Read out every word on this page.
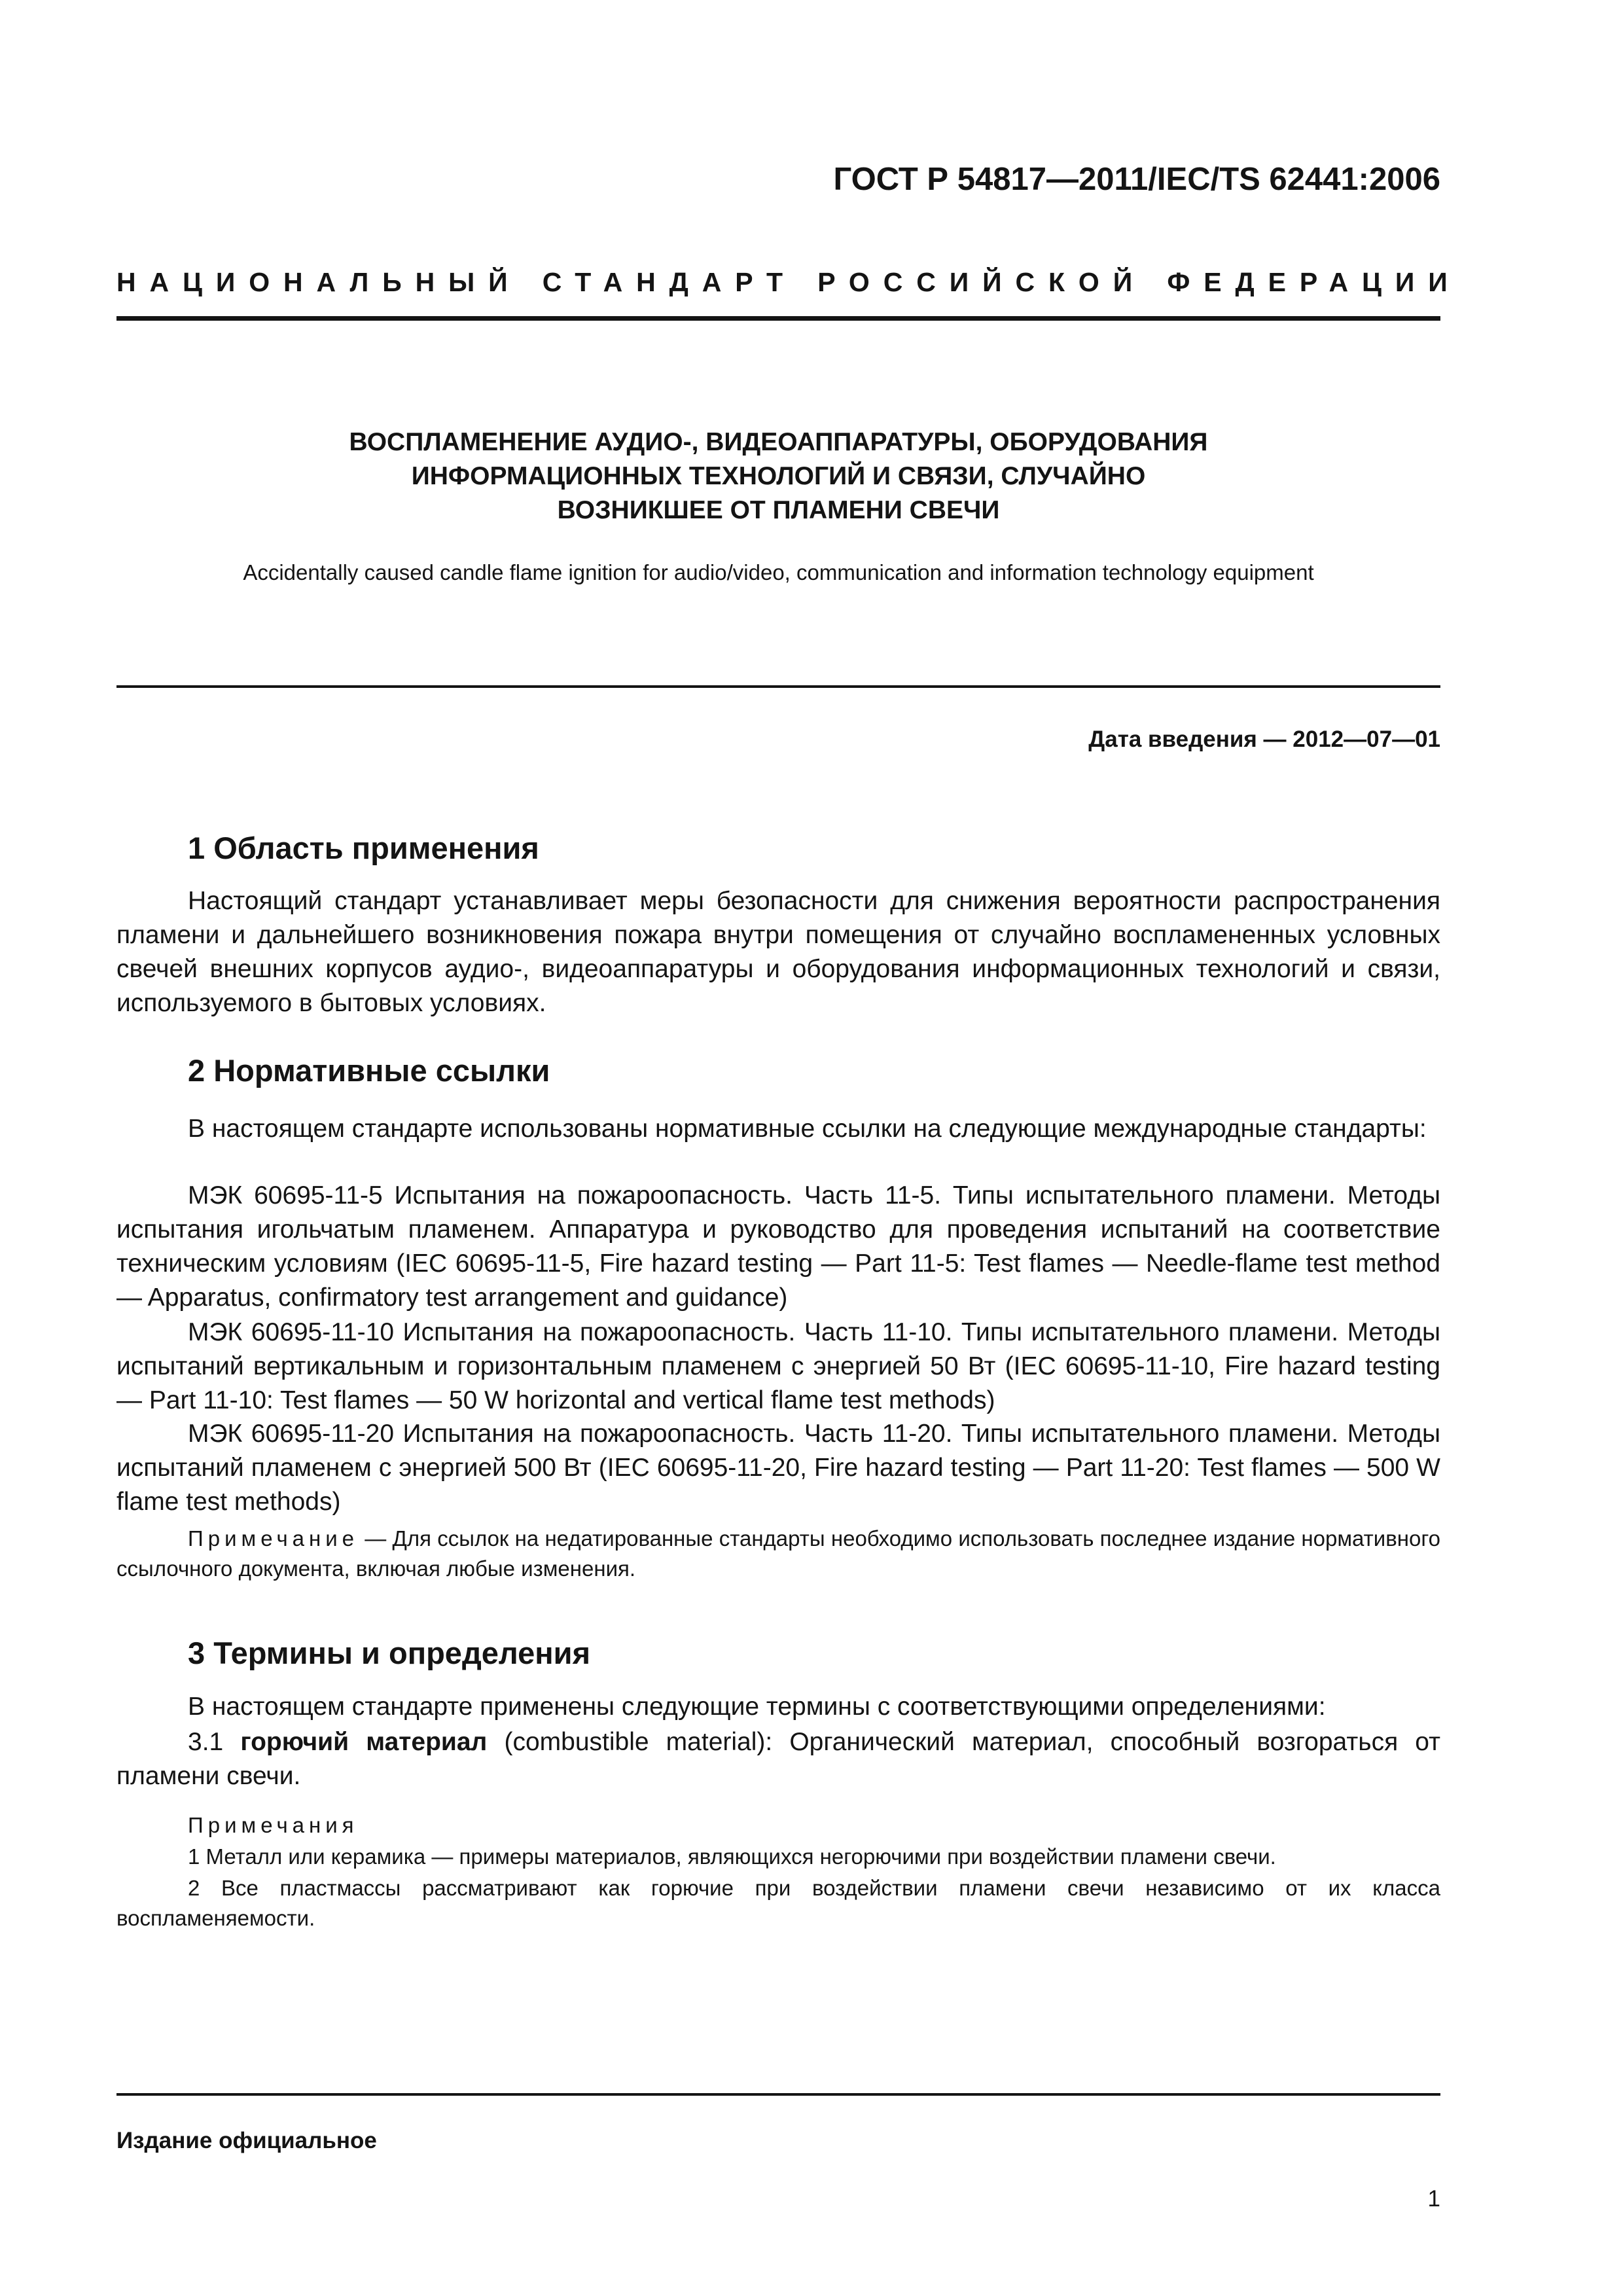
ГОСТ Р 54817—2011/IEC/TS 62441:2006
НАЦИОНАЛЬНЫЙ СТАНДАРТ РОССИЙСКОЙ ФЕДЕРАЦИИ
ВОСПЛАМЕНЕНИЕ АУДИО-, ВИДЕОАППАРАТУРЫ, ОБОРУДОВАНИЯ
ИНФОРМАЦИОННЫХ ТЕХНОЛОГИЙ И СВЯЗИ, СЛУЧАЙНО
ВОЗНИКШЕЕ ОТ ПЛАМЕНИ СВЕЧИ
Accidentally caused candle flame ignition for audio/video, communication and information technology equipment
Дата введения — 2012—07—01
1 Область применения
Настоящий стандарт устанавливает меры безопасности для снижения вероятности распространения пламени и дальнейшего возникновения пожара внутри помещения от случайно воспламененных условных свечей внешних корпусов аудио-, видеоаппаратуры и оборудования информационных технологий и связи, используемого в бытовых условиях.
2 Нормативные ссылки
В настоящем стандарте использованы нормативные ссылки на следующие международные стандарты:
МЭК 60695-11-5 Испытания на пожароопасность. Часть 11-5. Типы испытательного пламени. Методы испытания игольчатым пламенем. Аппаратура и руководство для проведения испытаний на соответствие техническим условиям (IEC 60695-11-5, Fire hazard testing — Part 11-5: Test flames — Needle-flame test method — Apparatus, confirmatory test arrangement and guidance)
МЭК 60695-11-10 Испытания на пожароопасность. Часть 11-10. Типы испытательного пламени. Методы испытаний вертикальным и горизонтальным пламенем с энергией 50 Вт (IEC 60695-11-10, Fire hazard testing — Part 11-10: Test flames — 50 W horizontal and vertical flame test methods)
МЭК 60695-11-20 Испытания на пожароопасность. Часть 11-20. Типы испытательного пламени. Методы испытаний пламенем с энергией 500 Вт (IEC 60695-11-20, Fire hazard testing — Part 11-20: Test flames — 500 W flame test methods)
Примечание — Для ссылок на недатированные стандарты необходимо использовать последнее издание нормативного ссылочного документа, включая любые изменения.
3 Термины и определения
В настоящем стандарте применены следующие термины с соответствующими определениями:
3.1 горючий материал (combustible material): Органический материал, способный возгораться от пламени свечи.
Примечания
1 Металл или керамика — примеры материалов, являющихся негорючими при воздействии пламени свечи.
2 Все пластмассы рассматривают как горючие при воздействии пламени свечи независимо от их класса воспламеняемости.
Издание официальное
1
